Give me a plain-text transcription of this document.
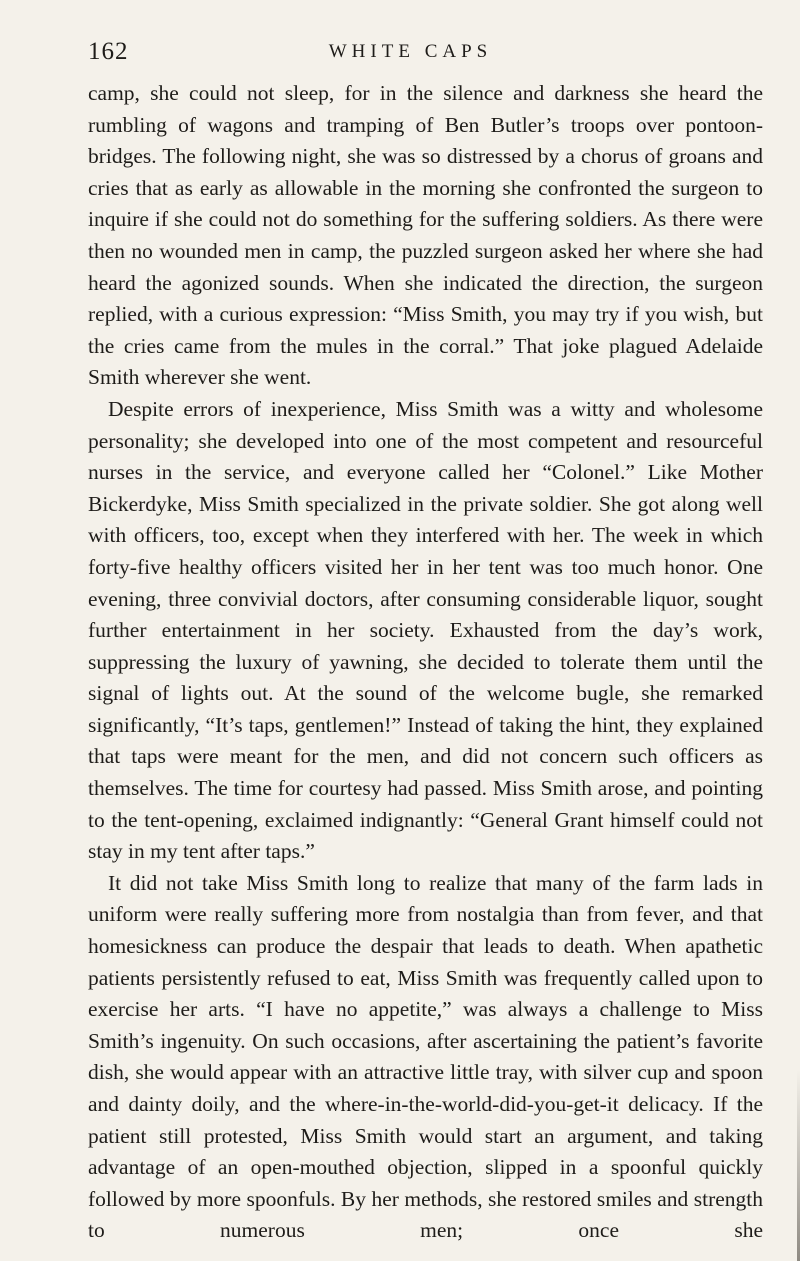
162	WHITE CAPS

camp, she could not sleep, for in the silence and darkness she heard the rumbling of wagons and tramping of Ben Butler’s troops over pontoon-bridges. The following night, she was so distressed by a chorus of groans and cries that as early as allowable in the morning she confronted the surgeon to inquire if she could not do something for the suffering soldiers. As there were then no wounded men in camp, the puzzled surgeon asked her where she had heard the agonized sounds. When she indicated the direction, the surgeon replied, with a curious expression: “Miss Smith, you may try if you wish, but the cries came from the mules in the corral.” That joke plagued Adelaide Smith wherever she went.

Despite errors of inexperience, Miss Smith was a witty and wholesome personality; she developed into one of the most competent and resourceful nurses in the service, and everyone called her “Colonel.” Like Mother Bickerdyke, Miss Smith specialized in the private soldier. She got along well with officers, too, except when they interfered with her. The week in which forty-five healthy officers visited her in her tent was too much honor. One evening, three convivial doctors, after consuming considerable liquor, sought further entertainment in her society. Exhausted from the day’s work, suppressing the luxury of yawning, she decided to tolerate them until the signal of lights out. At the sound of the welcome bugle, she remarked significantly, “It’s taps, gentlemen!” Instead of taking the hint, they explained that taps were meant for the men, and did not concern such officers as themselves. The time for courtesy had passed. Miss Smith arose, and pointing to the tent-opening, exclaimed indignantly: “General Grant himself could not stay in my tent after taps.”

It did not take Miss Smith long to realize that many of the farm lads in uniform were really suffering more from nostalgia than from fever, and that homesickness can produce the despair that leads to death. When apathetic patients persistently refused to eat, Miss Smith was frequently called upon to exercise her arts. “I have no appetite,” was always a challenge to Miss Smith’s ingenuity. On such occasions, after ascertaining the patient’s favorite dish, she would appear with an attractive little tray, with silver cup and spoon and dainty doily, and the where-in-the-world-did-you-get-it delicacy. If the patient still protested, Miss Smith would start an argument, and taking advantage of an open-mouthed objection, slipped in a spoonful quickly followed by more spoonfuls. By her methods, she restored smiles and strength to numerous men; once she
